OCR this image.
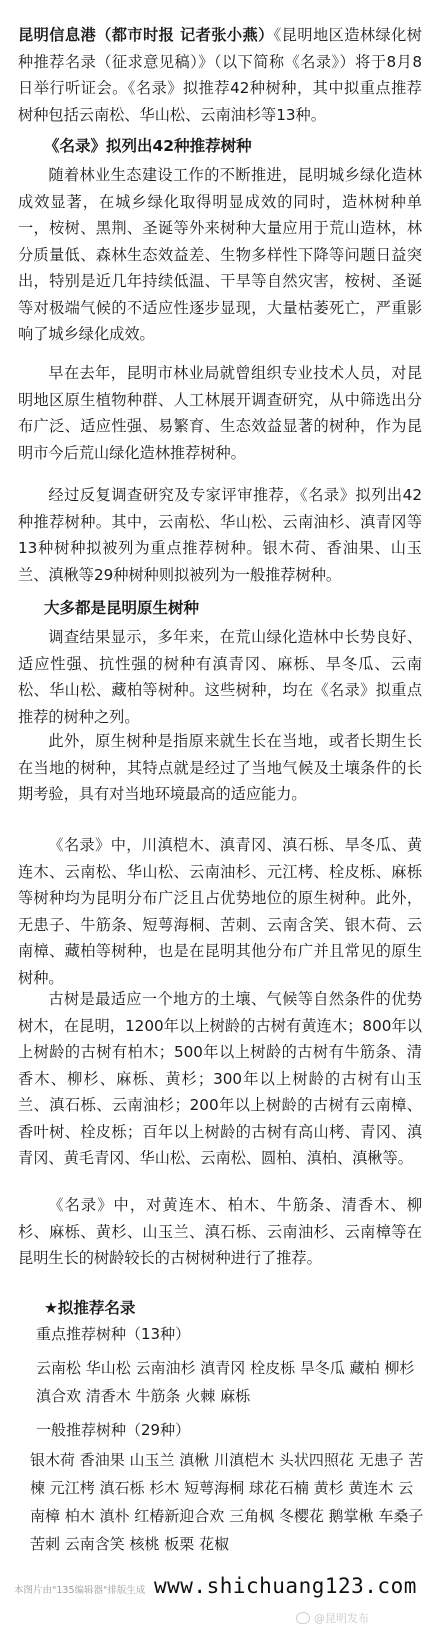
昆明信息港（都市时报 记者张小燕）《昆明地区造林绿化树种推荐名录（征求意见稿）》（以下简称《名录》）将于8月8日举行听证会。《名录》拟推荐42种树种，其中拟重点推荐树种包括云南松、华山松、云南油杉等13种。

《名录》拟列出42种推荐树种

随着林业生态建设工作的不断推进，昆明城乡绿化造林成效显著，在城乡绿化取得明显成效的同时，造林树种单一，桉树、黑荆、圣诞等外来树种大量应用于荒山造林，林分质量低、森林生态效益差、生物多样性下降等问题日益突出，特别是近几年持续低温、干旱等自然灾害，桉树、圣诞等对极端气候的不适应性逐步显现，大量枯萎死亡，严重影响了城乡绿化成效。

早在去年，昆明市林业局就曾组织专业技术人员，对昆明地区原生植物种群、人工林展开调查研究，从中筛选出分布广泛、适应性强、易繁育、生态效益显著的树种，作为昆明市今后荒山绿化造林推荐树种。

经过反复调查研究及专家评审推荐，《名录》拟列出42种推荐树种。其中，云南松、华山松、云南油杉、滇青冈等13种树种拟被列为重点推荐树种。银木荷、香油果、山玉兰、滇楸等29种树种则拟被列为一般推荐树种。

大多都是昆明原生树种

调查结果显示，多年来，在荒山绿化造林中长势良好、适应性强、抗性强的树种有滇青冈、麻栎、旱冬瓜、云南松、华山松、藏柏等树种。这些树种，均在《名录》拟重点推荐的树种之列。

此外，原生树种是指原来就生长在当地，或者长期生长在当地的树种，其特点就是经过了当地气候及土壤条件的长期考验，具有对当地环境最高的适应能力。

《名录》中，川滇桤木、滇青冈、滇石栎、旱冬瓜、黄连木、云南松、华山松、云南油杉、元江栲、栓皮栎、麻栎等树种均为昆明分布广泛且占优势地位的原生树种。此外，无患子、牛筋条、短萼海桐、苦刺、云南含笑、银木荷、云南樟、藏柏等树种，也是在昆明其他分布广并且常见的原生树种。

古树是最适应一个地方的土壤、气候等自然条件的优势树木，在昆明，1200年以上树龄的古树有黄连木；800年以上树龄的古树有柏木；500年以上树龄的古树有牛筋条、清香木、柳杉、麻栎、黄杉；300年以上树龄的古树有山玉兰、滇石栎、云南油杉；200年以上树龄的古树有云南樟、香叶树、栓皮栎；百年以上树龄的古树有高山栲、青冈、滇青冈、黄毛青冈、华山松、云南松、圆柏、滇柏、滇楸等。

《名录》中，对黄连木、柏木、牛筋条、清香木、柳杉、麻栎、黄杉、山玉兰、滇石栎、云南油杉、云南樟等在昆明生长的树龄较长的古树树种进行了推荐。

★拟推荐名录

重点推荐树种（13种）

云南松 华山松 云南油杉 滇青冈 栓皮栎 旱冬瓜 藏柏 柳杉 滇合欢 清香木 牛筋条 火棘 麻栎

一般推荐树种（29种）

银木荷 香油果 山玉兰 滇楸 川滇桤木 头状四照花 无患子 苦楝 元江栲 滇石栎 杉木 短萼海桐 球花石楠 黄杉 黄连木 云南樟 柏木 滇朴 红椿新迎合欢 三角枫 冬樱花 鹅掌楸 车桑子 苦刺 云南含笑 核桃 板栗 花椒

本图片由"135编辑器"排版生成 www.shichuang123.com
@昆明发布
